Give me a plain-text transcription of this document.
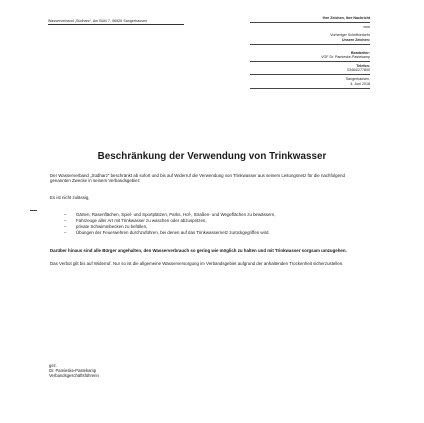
Wasserverband „Südharz“, Am Bühl 7, 06526 Sangerhausen
Ihre Zeichen, Ihre Nachricht
vom
Vorheriger Schriftverkehr
Unsere Zeichen:
Bearbeiter:
VGF Dr. Pamieske-Pastekamp
Telefon:
03464/277800
Sangerhausen,
4. Juni 2018
Beschränkung der Verwendung von Trinkwasser

Der Wasserverband „Südharz“ beschränkt ab sofort und bis auf Widerruf die Verwendung von Trinkwasser aus seinem Leitungsnetz für die nachfolgend genannten Zwecke in seinem Verbandsgebiet:

Es ist nicht zulässig,

– Gärten, Rasenflächen, Spiel- und Sportplätzen, Parks, Hof-, Straßen- und Wegeflächen zu bewässern,
– Fahrzeuge aller Art mit Trinkwasser zu waschen oder abzuspritzen,
– private Schwimmbecken zu befüllen,
– Übungen der Feuerwehren durchzuführen, bei denen auf das Trinkwassernetz zurückgegriffen wird.

Darüber hinaus sind alle Bürger angehalten, den Wasserverbrauch so gering wie möglich zu halten und mit Trinkwasser sorgsam umzugehen.

Das Verbot gilt bis auf Widerruf. Nur so ist die allgemeine Wasserversorgung im Verbandsgebiet aufgrund der anhaltenden Trockenheit sicherzustellen.

gez.
Dr. Pamieske-Pastekamp
Verbandsgeschäftsführerin
